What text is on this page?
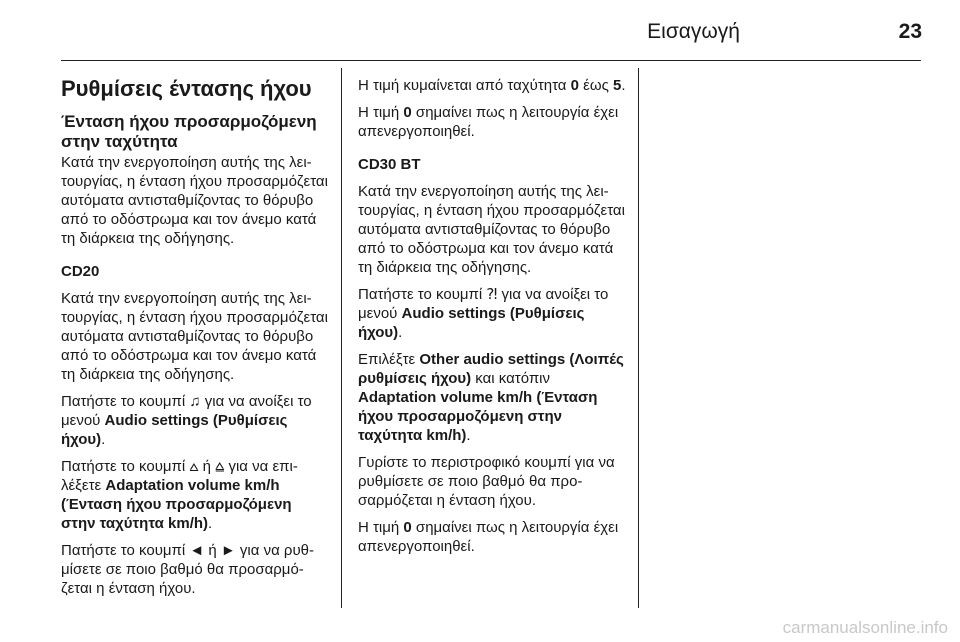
Εισαγωγή	23
Ρυθμίσεις έντασης ήχου
Ένταση ήχου προσαρμοζόμενη στην ταχύτητα

Κατά την ενεργοποίηση αυτής της λειτουργίας, η ένταση ήχου προσαρμόζεται αυτόματα αντισταθμίζοντας το θόρυβο από το οδόστρωμα και τον άνεμο κατά τη διάρκεια της οδήγησης.

CD20

Κατά την ενεργοποίηση αυτής της λειτουργίας, η ένταση ήχου προσαρμόζεται αυτόματα αντισταθμίζοντας το θόρυβο από το οδόστρωμα και τον άνεμο κατά τη διάρκεια της οδήγησης.

Πατήστε το κουμπί ♫ για να ανοίξει το μενού Audio settings (Ρυθμίσεις ήχου).

Πατήστε το κουμπί ⩟ ή ⩠ για να επιλέξετε Adaptation volume km/h (Ένταση ήχου προσαρμοζόμενη στην ταχύτητα km/h).

Πατήστε το κουμπί ◄ ή ► για να ρυθμίσετε σε ποιο βαθμό θα προσαρμόζεται η ένταση ήχου.

Η τιμή κυμαίνεται από ταχύτητα 0 έως 5.

Η τιμή 0 σημαίνει πως η λειτουργία έχει απενεργοποιηθεί.

CD30 BT

Κατά την ενεργοποίηση αυτής της λειτουργίας, η ένταση ήχου προσαρμόζεται αυτόματα αντισταθμίζοντας το θόρυβο από το οδόστρωμα και τον άνεμο κατά τη διάρκεια της οδήγησης.

Πατήστε το κουμπί ⁈ για να ανοίξει το μενού Audio settings (Ρυθμίσεις ήχου).

Επιλέξτε Other audio settings (Λοιπές ρυθμίσεις ήχου) και κατόπιν Adaptation volume km/h (Ένταση ήχου προσαρμοζόμενη στην ταχύτητα km/h).

Γυρίστε το περιστροφικό κουμπί για να ρυθμίσετε σε ποιο βαθμό θα προσαρμόζεται η ένταση ήχου.

Η τιμή 0 σημαίνει πως η λειτουργία έχει απενεργοποιηθεί.

carmanualsonline.info
